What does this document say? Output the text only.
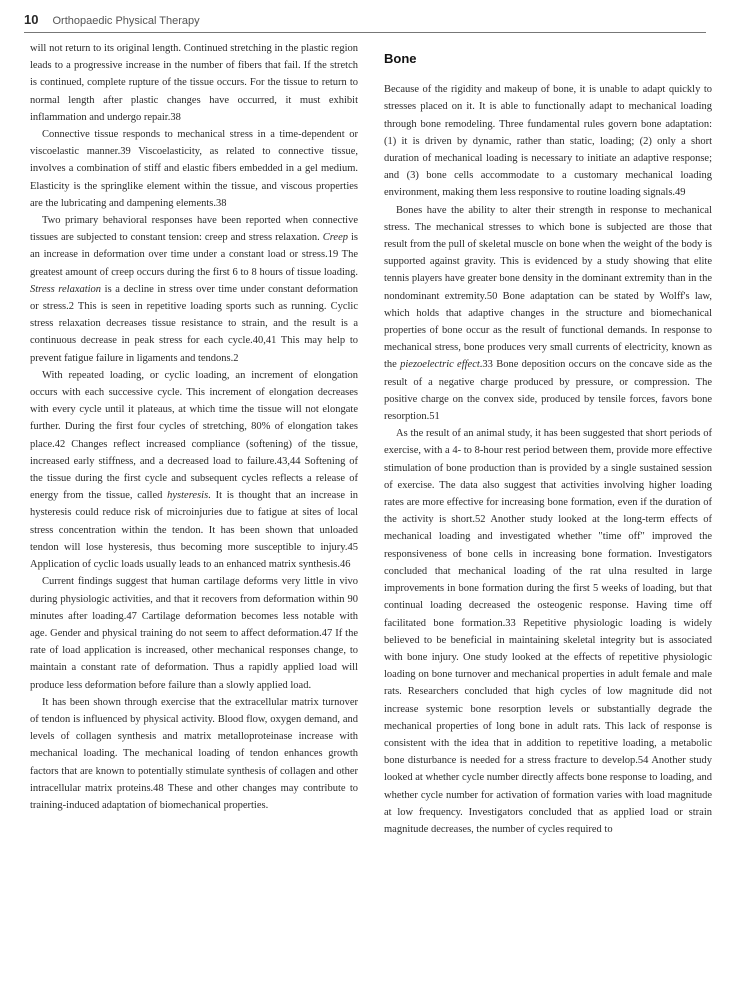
10 Orthopaedic Physical Therapy

will not return to its original length. Continued stretching in the plastic region leads to a progressive increase in the number of fibers that fail. If the stretch is continued, complete rupture of the tissue occurs. For the tissue to return to normal length after plastic changes have occurred, it must exhibit inflammation and undergo repair.38

Connective tissue responds to mechanical stress in a time-dependent or viscoelastic manner.39 Viscoelasticity, as related to connective tissue, involves a combination of stiff and elastic fibers embedded in a gel medium. Elasticity is the springlike element within the tissue, and viscous properties are the lubricating and dampening elements.38

Two primary behavioral responses have been reported when connective tissues are subjected to constant tension: creep and stress relaxation. Creep is an increase in deformation over time under a constant load or stress.19 The greatest amount of creep occurs during the first 6 to 8 hours of tissue loading. Stress relaxation is a decline in stress over time under constant deformation or stress.2 This is seen in repetitive loading sports such as running. Cyclic stress relaxation decreases tissue resistance to strain, and the result is a continuous decrease in peak stress for each cycle.40,41 This may help to prevent fatigue failure in ligaments and tendons.2

With repeated loading, or cyclic loading, an increment of elongation occurs with each successive cycle. This increment of elongation decreases with every cycle until it plateaus, at which time the tissue will not elongate further. During the first four cycles of stretching, 80% of elongation takes place.42 Changes reflect increased compliance (softening) of the tissue, increased early stiffness, and a decreased load to failure.43,44 Softening of the tissue during the first cycle and subsequent cycles reflects a release of energy from the tissue, called hysteresis. It is thought that an increase in hysteresis could reduce risk of microinjuries due to fatigue at sites of local stress concentration within the tendon. It has been shown that unloaded tendon will lose hysteresis, thus becoming more susceptible to injury.45 Application of cyclic loads usually leads to an enhanced matrix synthesis.46

Current findings suggest that human cartilage deforms very little in vivo during physiologic activities, and that it recovers from deformation within 90 minutes after loading.47 Cartilage deformation becomes less notable with age. Gender and physical training do not seem to affect deformation.47 If the rate of load application is increased, other mechanical responses change, to maintain a constant rate of deformation. Thus a rapidly applied load will produce less deformation before failure than a slowly applied load.

It has been shown through exercise that the extracellular matrix turnover of tendon is influenced by physical activity. Blood flow, oxygen demand, and levels of collagen synthesis and matrix metalloproteinase increase with mechanical loading. The mechanical loading of tendon enhances growth factors that are known to potentially stimulate synthesis of collagen and other intracellular matrix proteins.48 These and other changes may contribute to training-induced adaptation of biomechanical properties.

Bone

Because of the rigidity and makeup of bone, it is unable to adapt quickly to stresses placed on it. It is able to functionally adapt to mechanical loading through bone remodeling. Three fundamental rules govern bone adaptation: (1) it is driven by dynamic, rather than static, loading; (2) only a short duration of mechanical loading is necessary to initiate an adaptive response; and (3) bone cells accommodate to a customary mechanical loading environment, making them less responsive to routine loading signals.49

Bones have the ability to alter their strength in response to mechanical stress. The mechanical stresses to which bone is subjected are those that result from the pull of skeletal muscle on bone when the weight of the body is supported against gravity. This is evidenced by a study showing that elite tennis players have greater bone density in the dominant extremity than in the nondominant extremity.50 Bone adaptation can be stated by Wolff's law, which holds that adaptive changes in the structure and biomechanical properties of bone occur as the result of functional demands. In response to mechanical stress, bone produces very small currents of electricity, known as the piezoelectric effect.33 Bone deposition occurs on the concave side as the result of a negative charge produced by pressure, or compression. The positive charge on the convex side, produced by tensile forces, favors bone resorption.51

As the result of an animal study, it has been suggested that short periods of exercise, with a 4- to 8-hour rest period between them, provide more effective stimulation of bone production than is provided by a single sustained session of exercise. The data also suggest that activities involving higher loading rates are more effective for increasing bone formation, even if the duration of the activity is short.52 Another study looked at the long-term effects of mechanical loading and investigated whether "time off" improved the responsiveness of bone cells in increasing bone formation. Investigators concluded that mechanical loading of the rat ulna resulted in large improvements in bone formation during the first 5 weeks of loading, but that continual loading decreased the osteogenic response. Having time off facilitated bone formation.33 Repetitive physiologic loading is widely believed to be beneficial in maintaining skeletal integrity but is associated with bone injury. One study looked at the effects of repetitive physiologic loading on bone turnover and mechanical properties in adult female and male rats. Researchers concluded that high cycles of low magnitude did not increase systemic bone resorption levels or substantially degrade the mechanical properties of long bone in adult rats. This lack of response is consistent with the idea that in addition to repetitive loading, a metabolic bone disturbance is needed for a stress fracture to develop.54 Another study looked at whether cycle number directly affects bone response to loading, and whether cycle number for activation of formation varies with load magnitude at low frequency. Investigators concluded that as applied load or strain magnitude decreases, the number of cycles required to
